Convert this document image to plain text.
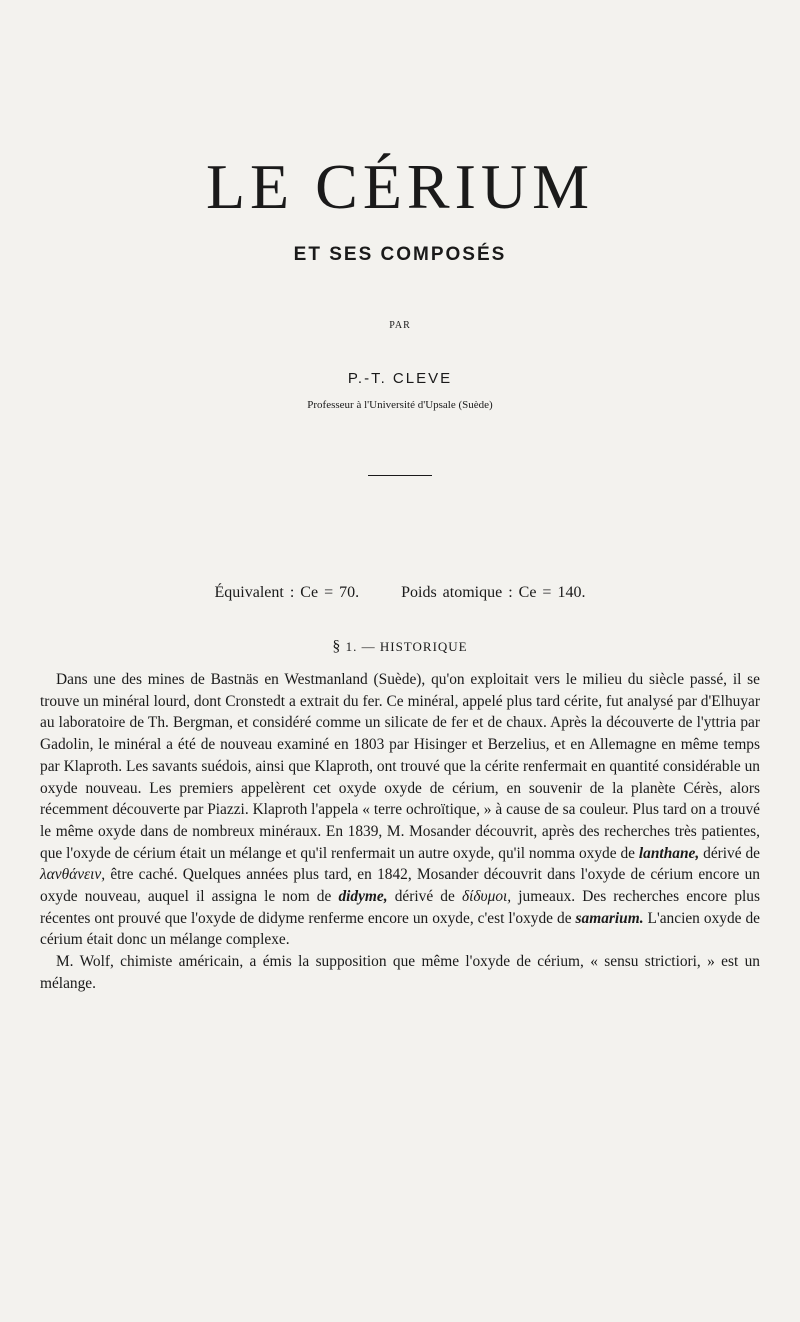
LE CÉRIUM
ET SES COMPOSÉS
PAR
P.-T. CLEVE
Professeur à l'Université d'Upsale (Suède)
Équivalent : Ce = 70.	Poids atomique : Ce = 140.
§ 1. — HISTORIQUE

Dans une des mines de Bastnäs en Westmanland (Suède), qu'on exploitait vers le milieu du siècle passé, il se trouve un minéral lourd, dont Cronstedt a extrait du fer. Ce minéral, appelé plus tard cérite, fut analysé par d'Elhuyar au laboratoire de Th. Bergman, et considéré comme un silicate de fer et de chaux. Après la découverte de l'yttria par Gadolin, le minéral a été de nouveau examiné en 1803 par Hisinger et Berzelius, et en Allemagne en même temps par Klaproth. Les savants suédois, ainsi que Klaproth, ont trouvé que la cérite renfermait en quantité considérable un oxyde nouveau. Les premiers appelèrent cet oxyde oxyde de cérium, en souvenir de la planète Cérès, alors récemment découverte par Piazzi. Klaproth l'appela « terre ochroïtique, » à cause de sa couleur. Plus tard on a trouvé le même oxyde dans de nombreux minéraux. En 1839, M. Mosander découvrit, après des recherches très patientes, que l'oxyde de cérium était un mélange et qu'il renfermait un autre oxyde, qu'il nomma oxyde de lanthane, dérivé de λανθάνειν, être caché. Quelques années plus tard, en 1842, Mosander découvrit dans l'oxyde de cérium encore un oxyde nouveau, auquel il assigna le nom de didyme, dérivé de δίδυμοι, jumeaux. Des recherches encore plus récentes ont prouvé que l'oxyde de didyme renferme encore un oxyde, c'est l'oxyde de samarium. L'ancien oxyde de cérium était donc un mélange complexe.

M. Wolf, chimiste américain, a émis la supposition que même l'oxyde de cérium, « sensu strictiori, » est un mélange.
